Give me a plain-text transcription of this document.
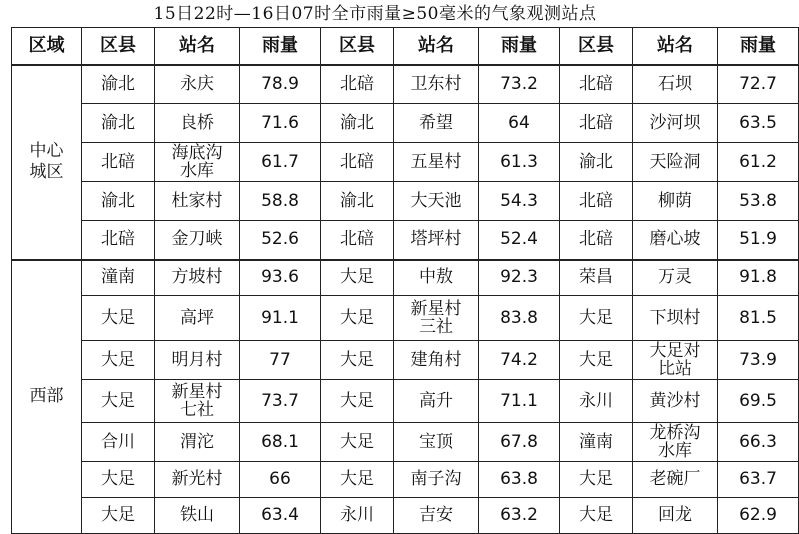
15日22时—16日07时全市雨量≥50毫米的气象观测站点
区域	区县	站名	雨量	区县	站名	雨量	区县	站名	雨量
中心城区	渝北	永庆	78.9	北碚	卫东村	73.2	北碚	石坝	72.7
	渝北	良桥	71.6	渝北	希望	64	北碚	沙河坝	63.5
	北碚	海底沟水库	61.7	北碚	五星村	61.3	渝北	天险洞	61.2
	渝北	杜家村	58.8	渝北	大天池	54.3	北碚	柳荫	53.8
	北碚	金刀峡	52.6	北碚	塔坪村	52.4	北碚	磨心坡	51.9
西部	潼南	方坡村	93.6	大足	中敖	92.3	荣昌	万灵	91.8
	大足	高坪	91.1	大足	新星村三社	83.8	大足	下坝村	81.5
	大足	明月村	77	大足	建角村	74.2	大足	大足对比站	73.9
	大足	新星村七社	73.7	大足	高升	71.1	永川	黄沙村	69.5
	合川	渭沱	68.1	大足	宝顶	67.8	潼南	龙桥沟水库	66.3
	大足	新光村	66	大足	南子沟	63.8	大足	老碗厂	63.7
	大足	铁山	63.4	永川	吉安	63.2	大足	回龙	62.9
